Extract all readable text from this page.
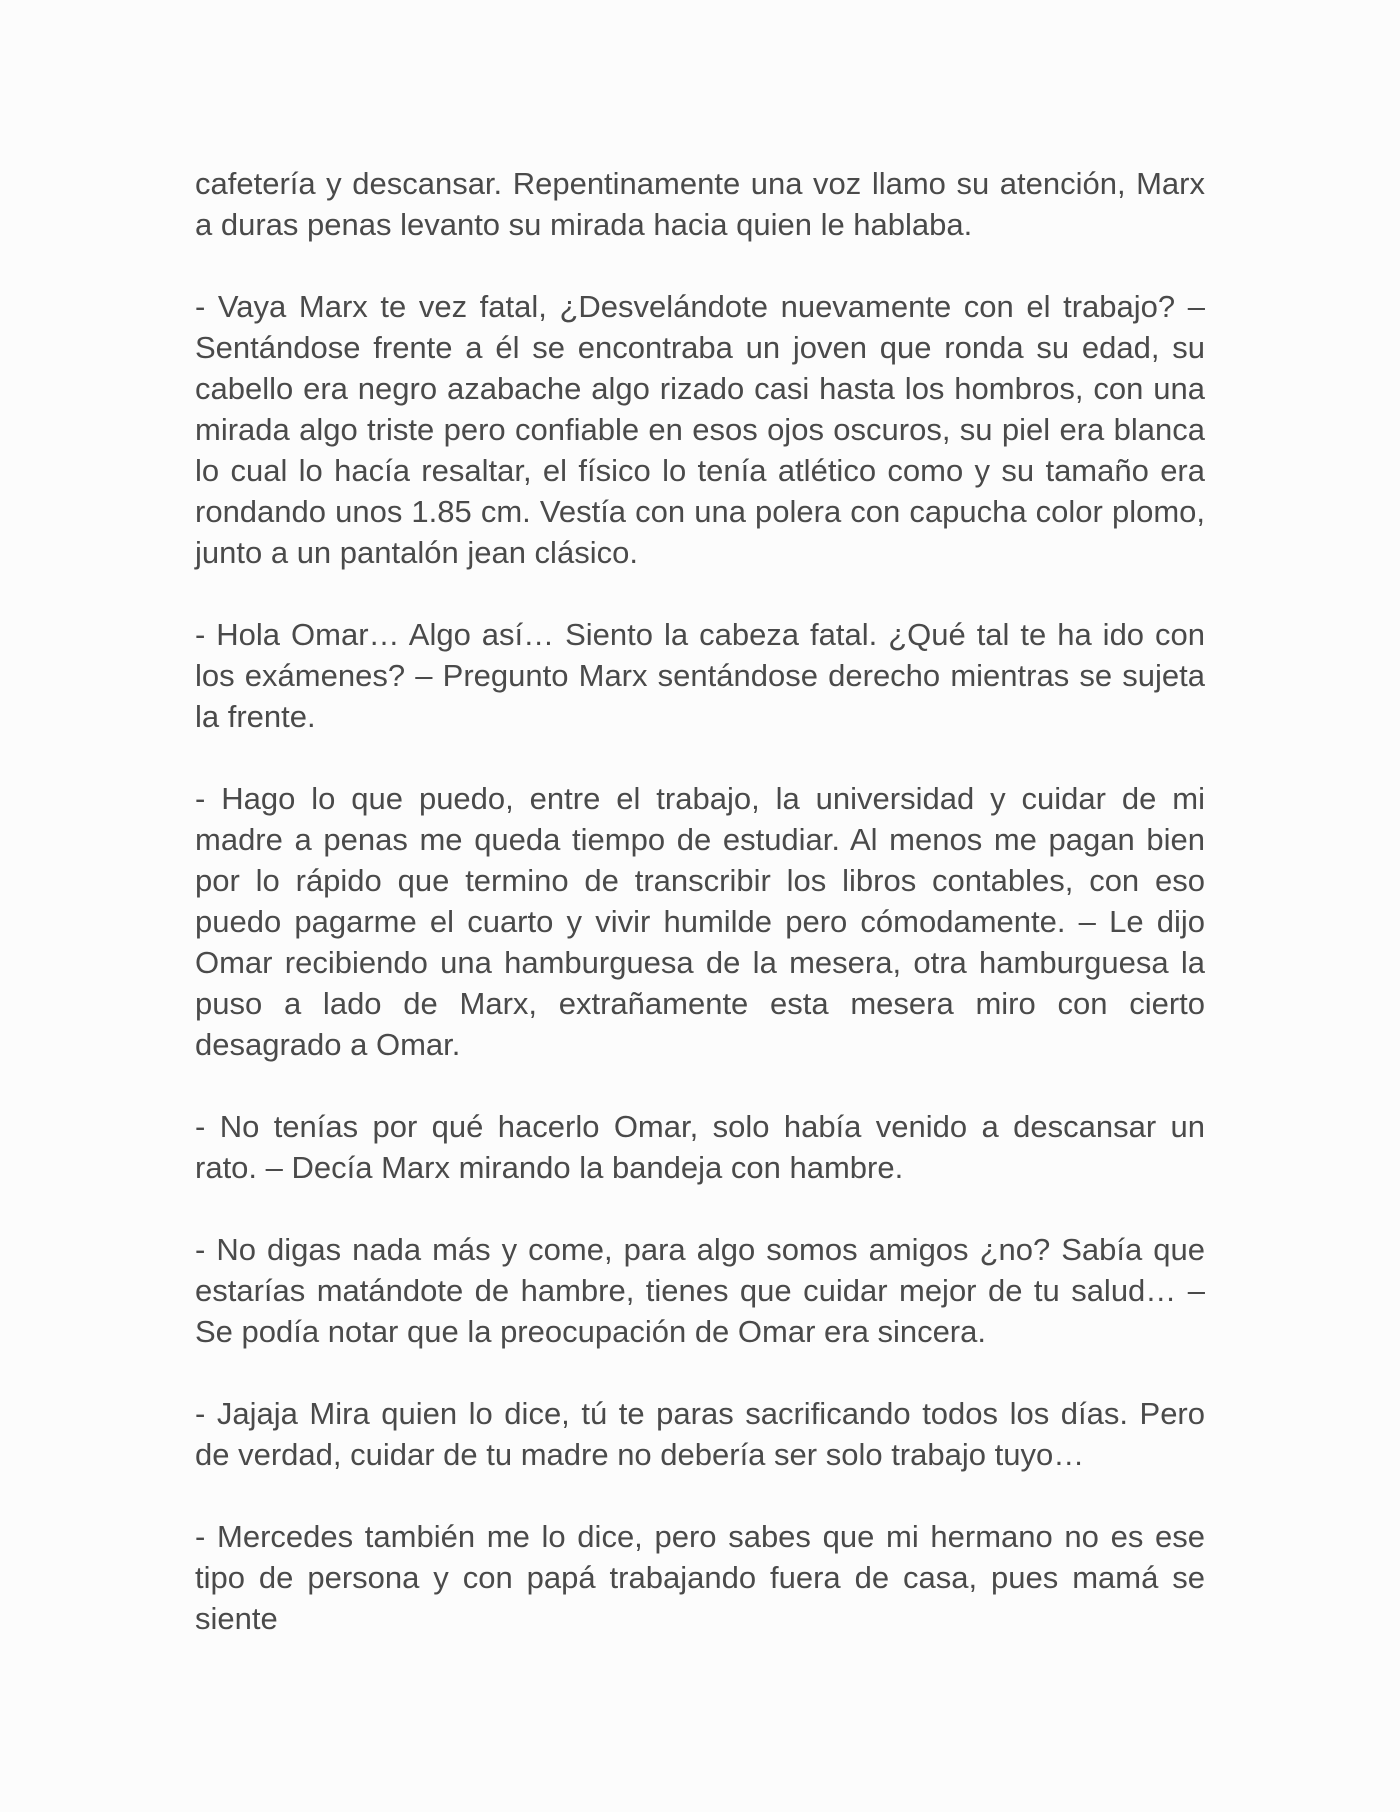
cafetería y descansar. Repentinamente una voz llamo su atención, Marx a duras penas levanto su mirada hacia quien le hablaba.

- Vaya Marx te vez fatal, ¿Desvelándote nuevamente con el trabajo? – Sentándose frente a él se encontraba un joven que ronda su edad, su cabello era negro azabache algo rizado casi hasta los hombros, con una mirada algo triste pero confiable en esos ojos oscuros, su piel era blanca lo cual lo hacía resaltar, el físico lo tenía atlético como y su tamaño era rondando unos 1.85 cm. Vestía con una polera con capucha color plomo, junto a un pantalón jean clásico.

- Hola Omar… Algo así… Siento la cabeza fatal. ¿Qué tal te ha ido con los exámenes? – Pregunto Marx sentándose derecho mientras se sujeta la frente.

- Hago lo que puedo, entre el trabajo, la universidad y cuidar de mi madre a penas me queda tiempo de estudiar. Al menos me pagan bien por lo rápido que termino de transcribir los libros contables, con eso puedo pagarme el cuarto y vivir humilde pero cómodamente. – Le dijo Omar recibiendo una hamburguesa de la mesera, otra hamburguesa la puso a lado de Marx, extrañamente esta mesera miro con cierto desagrado a Omar.

- No tenías por qué hacerlo Omar, solo había venido a descansar un rato. – Decía Marx mirando la bandeja con hambre.

- No digas nada más y come, para algo somos amigos ¿no? Sabía que estarías matándote de hambre, tienes que cuidar mejor de tu salud… – Se podía notar que la preocupación de Omar era sincera.

- Jajaja Mira quien lo dice, tú te paras sacrificando todos los días. Pero de verdad, cuidar de tu madre no debería ser solo trabajo tuyo…

- Mercedes también me lo dice, pero sabes que mi hermano no es ese tipo de persona y con papá trabajando fuera de casa, pues mamá se siente
